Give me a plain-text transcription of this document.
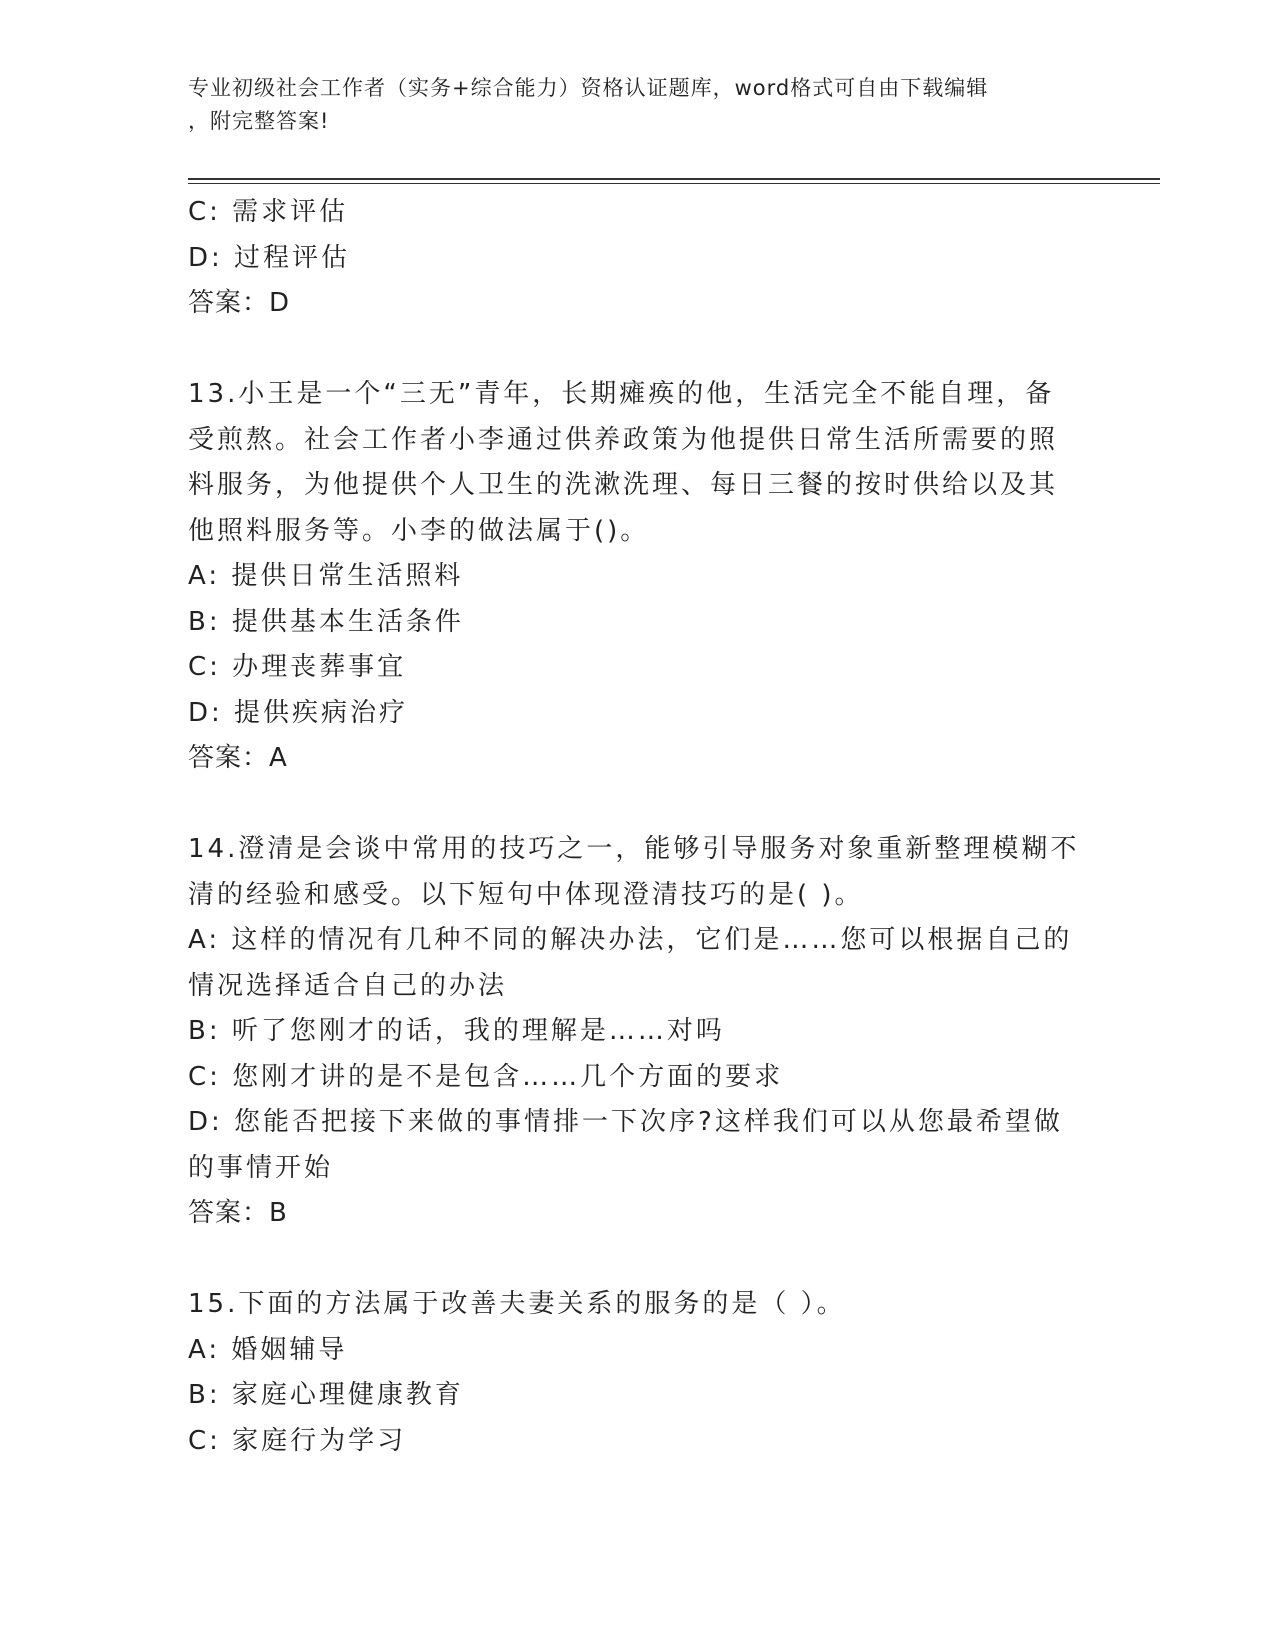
专业初级社会工作者（实务+综合能力）资格认证题库，word格式可自由下载编辑
，附完整答案!
C: 需求评估
D: 过程评估
答案：D
13.小王是一个“三无”青年，长期瘫痪的他，生活完全不能自理，备
受煎熬。社会工作者小李通过供养政策为他提供日常生活所需要的照
料服务，为他提供个人卫生的洗漱洗理、每日三餐的按时供给以及其
他照料服务等。小李的做法属于()。
A: 提供日常生活照料
B: 提供基本生活条件
C: 办理丧葬事宜
D: 提供疾病治疗
答案：A
14.澄清是会谈中常用的技巧之一，能够引导服务对象重新整理模糊不
清的经验和感受。以下短句中体现澄清技巧的是( )。
A: 这样的情况有几种不同的解决办法，它们是……您可以根据自己的
情况选择适合自己的办法
B: 听了您刚才的话，我的理解是……对吗
C: 您刚才讲的是不是包含……几个方面的要求
D: 您能否把接下来做的事情排一下次序?这样我们可以从您最希望做
的事情开始
答案：B
15.下面的方法属于改善夫妻关系的服务的是（ ）。
A: 婚姻辅导
B: 家庭心理健康教育
C: 家庭行为学习
